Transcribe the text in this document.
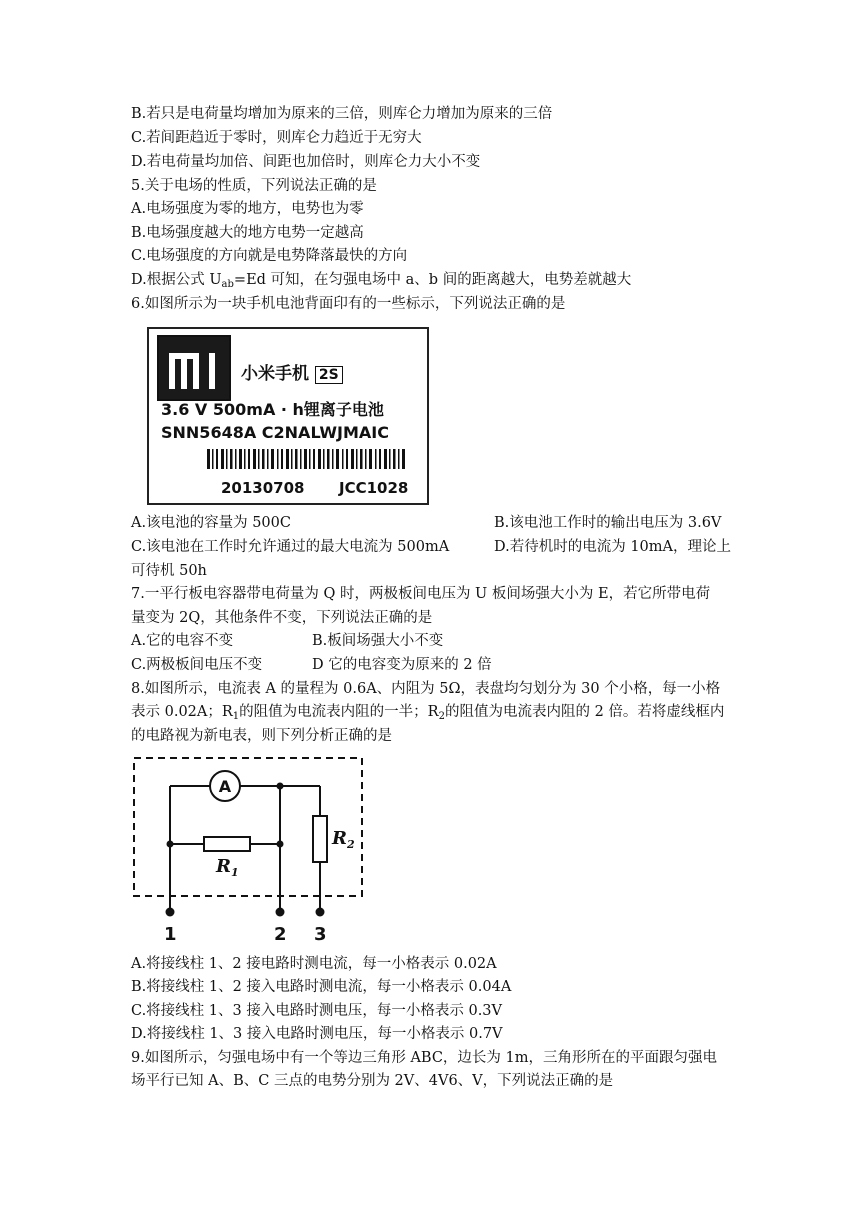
B.若只是电荷量均增加为原来的三倍，则库仑力增加为原来的三倍
C.若间距趋近于零时，则库仑力趋近于无穷大
D.若电荷量均加倍、间距也加倍时，则库仑力大小不变
5.关于电场的性质，下列说法正确的是
A.电场强度为零的地方，电势也为零
B.电场强度越大的地方电势一定越高
C.电场强度的方向就是电势降落最快的方向
D.根据公式 $U_{ab}=Ed$ 可知，在匀强电场中 a、b 间的距离越大，电势差就越大
6.如图所示为一块手机电池背面印有的一些标示，下列说法正确的是
小米手机 2S
3.6 V 500mA · h锂离子电池
SNN5648A C2NALWJMAIC
20130708 JCC1028
A.该电池的容量为 500C	B.该电池工作时的输出电压为 3.6V
C.该电池在工作时允许通过的最大电流为 500mA	D.若待机时的电流为 10mA，理论上
可待机 50h
7.一平行板电容器带电荷量为 Q 时，两极板间电压为 U 板间场强大小为 E，若它所带电荷
量变为 2Q，其他条件不变，下列说法正确的是
A.它的电容不变	B.板间场强大小不变
C.两极板间电压不变	D 它的电容变为原来的 2 倍
8.如图所示，电流表 A 的量程为 0.6A、内阻为 5Ω，表盘均匀划分为 30 个小格，每一小格
表示 0.02A；$R_1$的阻值为电流表内阻的一半；$R_2$的阻值为电流表内阻的 2 倍。若将虚线框内
的电路视为新电表，则下列分析正确的是
A
$R_1$
$R_2$
1	2 3
A.将接线柱 1、2 接电路时测电流，每一小格表示 0.02A
B.将接线柱 1、2 接入电路时测电流，每一小格表示 0.04A
C.将接线柱 1、3 接入电路时测电压，每一小格表示 0.3V
D.将接线柱 1、3 接入电路时测电压，每一小格表示 0.7V
9.如图所示，匀强电场中有一个等边三角形 ABC，边长为 1m，三角形所在的平面跟匀强电
场平行已知 A、B、C 三点的电势分别为 2V、4V6、V，下列说法正确的是
